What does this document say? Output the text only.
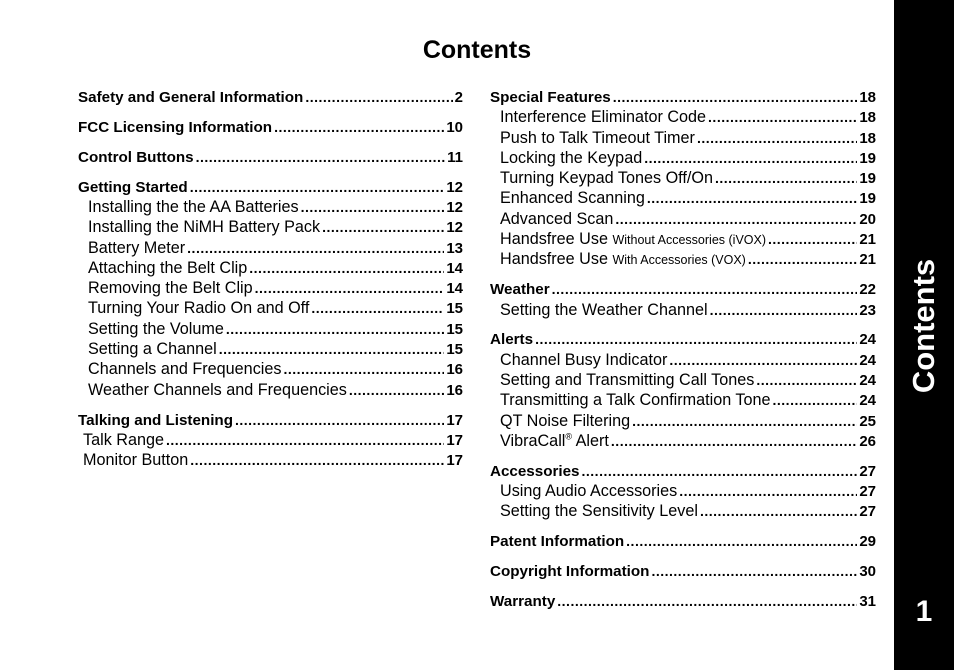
Contents
Safety and General Information .....	2
FCC Licensing Information .....	10
Control Buttons .....	11
Getting Started .....	12
Installing the the AA Batteries .....	12
Installing the NiMH Battery Pack .....	12
Battery Meter .....	13
Attaching the Belt Clip .....	14
Removing the Belt Clip .....	14
Turning Your Radio On and Off .....	15
Setting the Volume .....	15
Setting a Channel .....	15
Channels and Frequencies .....	16
Weather Channels and Frequencies .....	16
Talking and Listening .....	17
Talk Range .....	17
Monitor Button .....	17
Special Features .....	18
Interference Eliminator Code .....	18
Push to Talk Timeout Timer .....	18
Locking the Keypad .....	19
Turning Keypad Tones Off/On .....	19
Enhanced Scanning .....	19
Advanced Scan .....	20
Handsfree Use Without Accessories (iVOX) .....	21
Handsfree Use With Accessories (VOX) .....	21
Weather .....	22
Setting the Weather Channel .....	23
Alerts .....	24
Channel Busy Indicator .....	24
Setting and Transmitting Call Tones .....	24
Transmitting a Talk Confirmation Tone .....	24
QT Noise Filtering .....	25
VibraCall® Alert .....	26
Accessories .....	27
Using Audio Accessories .....	27
Setting the Sensitivity Level .....	27
Patent Information .....	29
Copyright Information .....	30
Warranty .....	31
Contents
1
